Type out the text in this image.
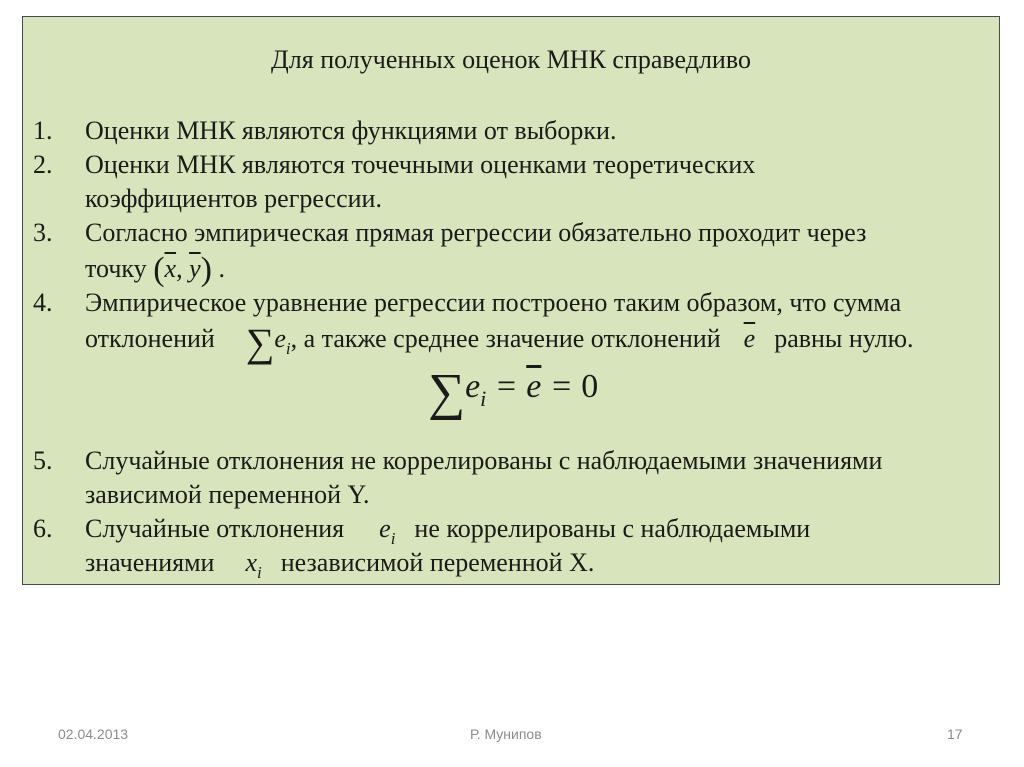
Для полученных оценок МНК справедливо
1. Оценки МНК являются функциями от выборки.
2. Оценки МНК являются точечными оценками теоретических
коэффициентов регрессии.
3. Согласно эмпирическая прямая регрессии обязательно проходит через
точку ($\overline{x}$, $\overline{y}$) .
4. Эмпирическое уравнение регрессии построено таким образом, что сумма
отклонений $\sum e_i$, а также среднее значение отклонений $\overline{e}$ равны нулю.
$\sum e_i = \overline{e} = 0$
5. Случайные отклонения не коррелированы с наблюдаемыми значениями
зависимой переменной Y.
6. Случайные отклонения $e_i$ не коррелированы с наблюдаемыми
значениями $x_i$ независимой переменной X.
02.04.2013	Р. Мунипов	17
